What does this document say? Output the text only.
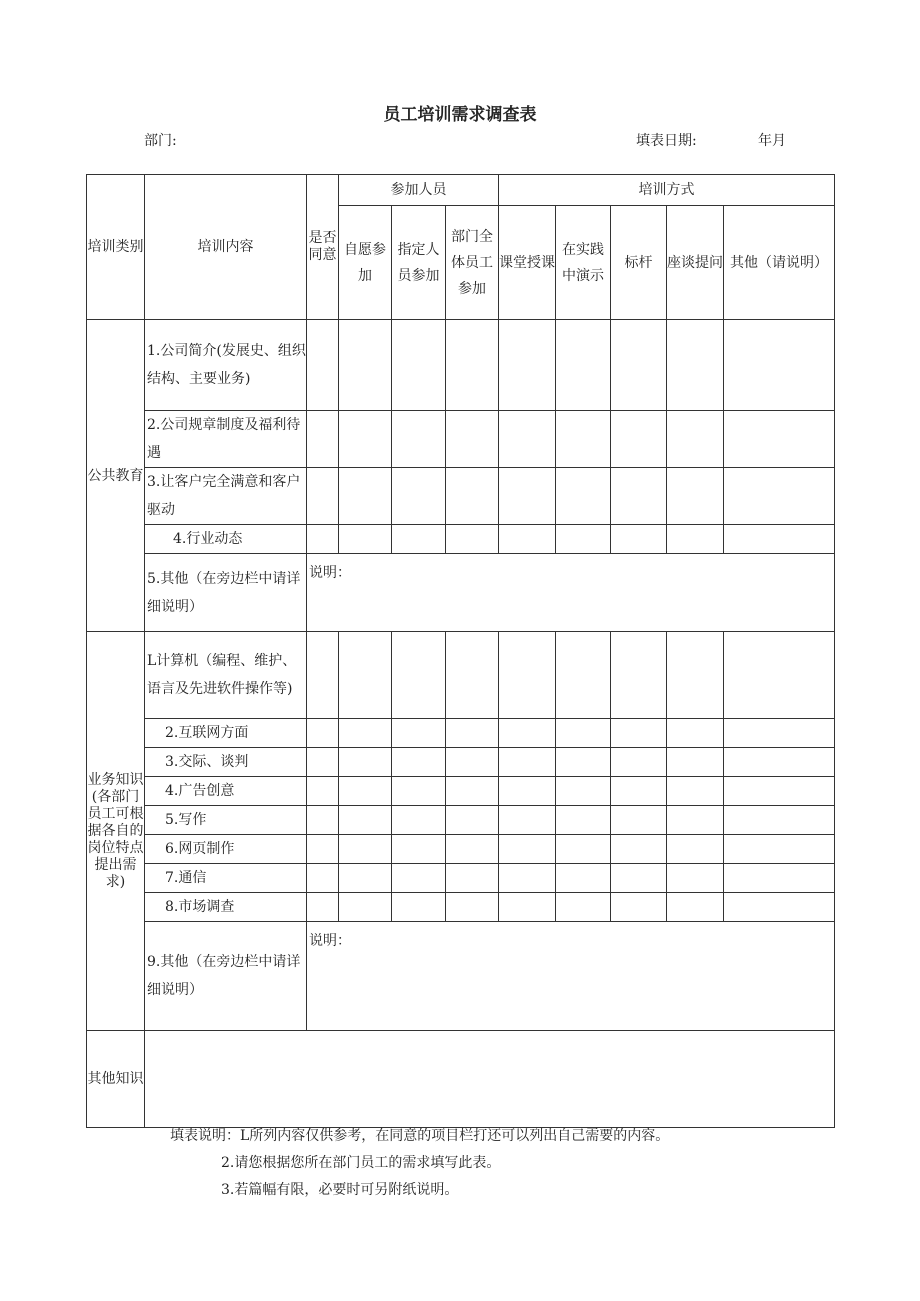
员工培训需求调查表
部门:	填表日期:	年月
培训类别	培训内容	是否同意	参加人员			培训方式				
			自愿参加	指定人员参加	部门全体员工参加	课堂授课	在实践中演示	标杆	座谈提问	其他（请说明）
公共教育	1.公司简介(发展史、组织结构、主要业务)									
	2.公司规章制度及福利待遇									
	3.让客户完全满意和客户驱动									
	4.行业动态									
	5.其他（在旁边栏中请详细说明）	说明：								
业务知识(各部门员工可根据各自的岗位特点提出需求)	L计算机（编程、维护、语言及先进软件操作等)									
	2.互联网方面									
	3.交际、谈判									
	4.广告创意									
	5.写作									
	6.网页制作									
	7.通信									
	8.市场调查									
	9.其他（在旁边栏中请详细说明）	说明：								
其他知识										
填表说明：L所列内容仅供参考，在同意的项目栏打还可以列出自己需要的内容。
2.请您根据您所在部门员工的需求填写此表。
3.若篇幅有限，必要时可另附纸说明。
